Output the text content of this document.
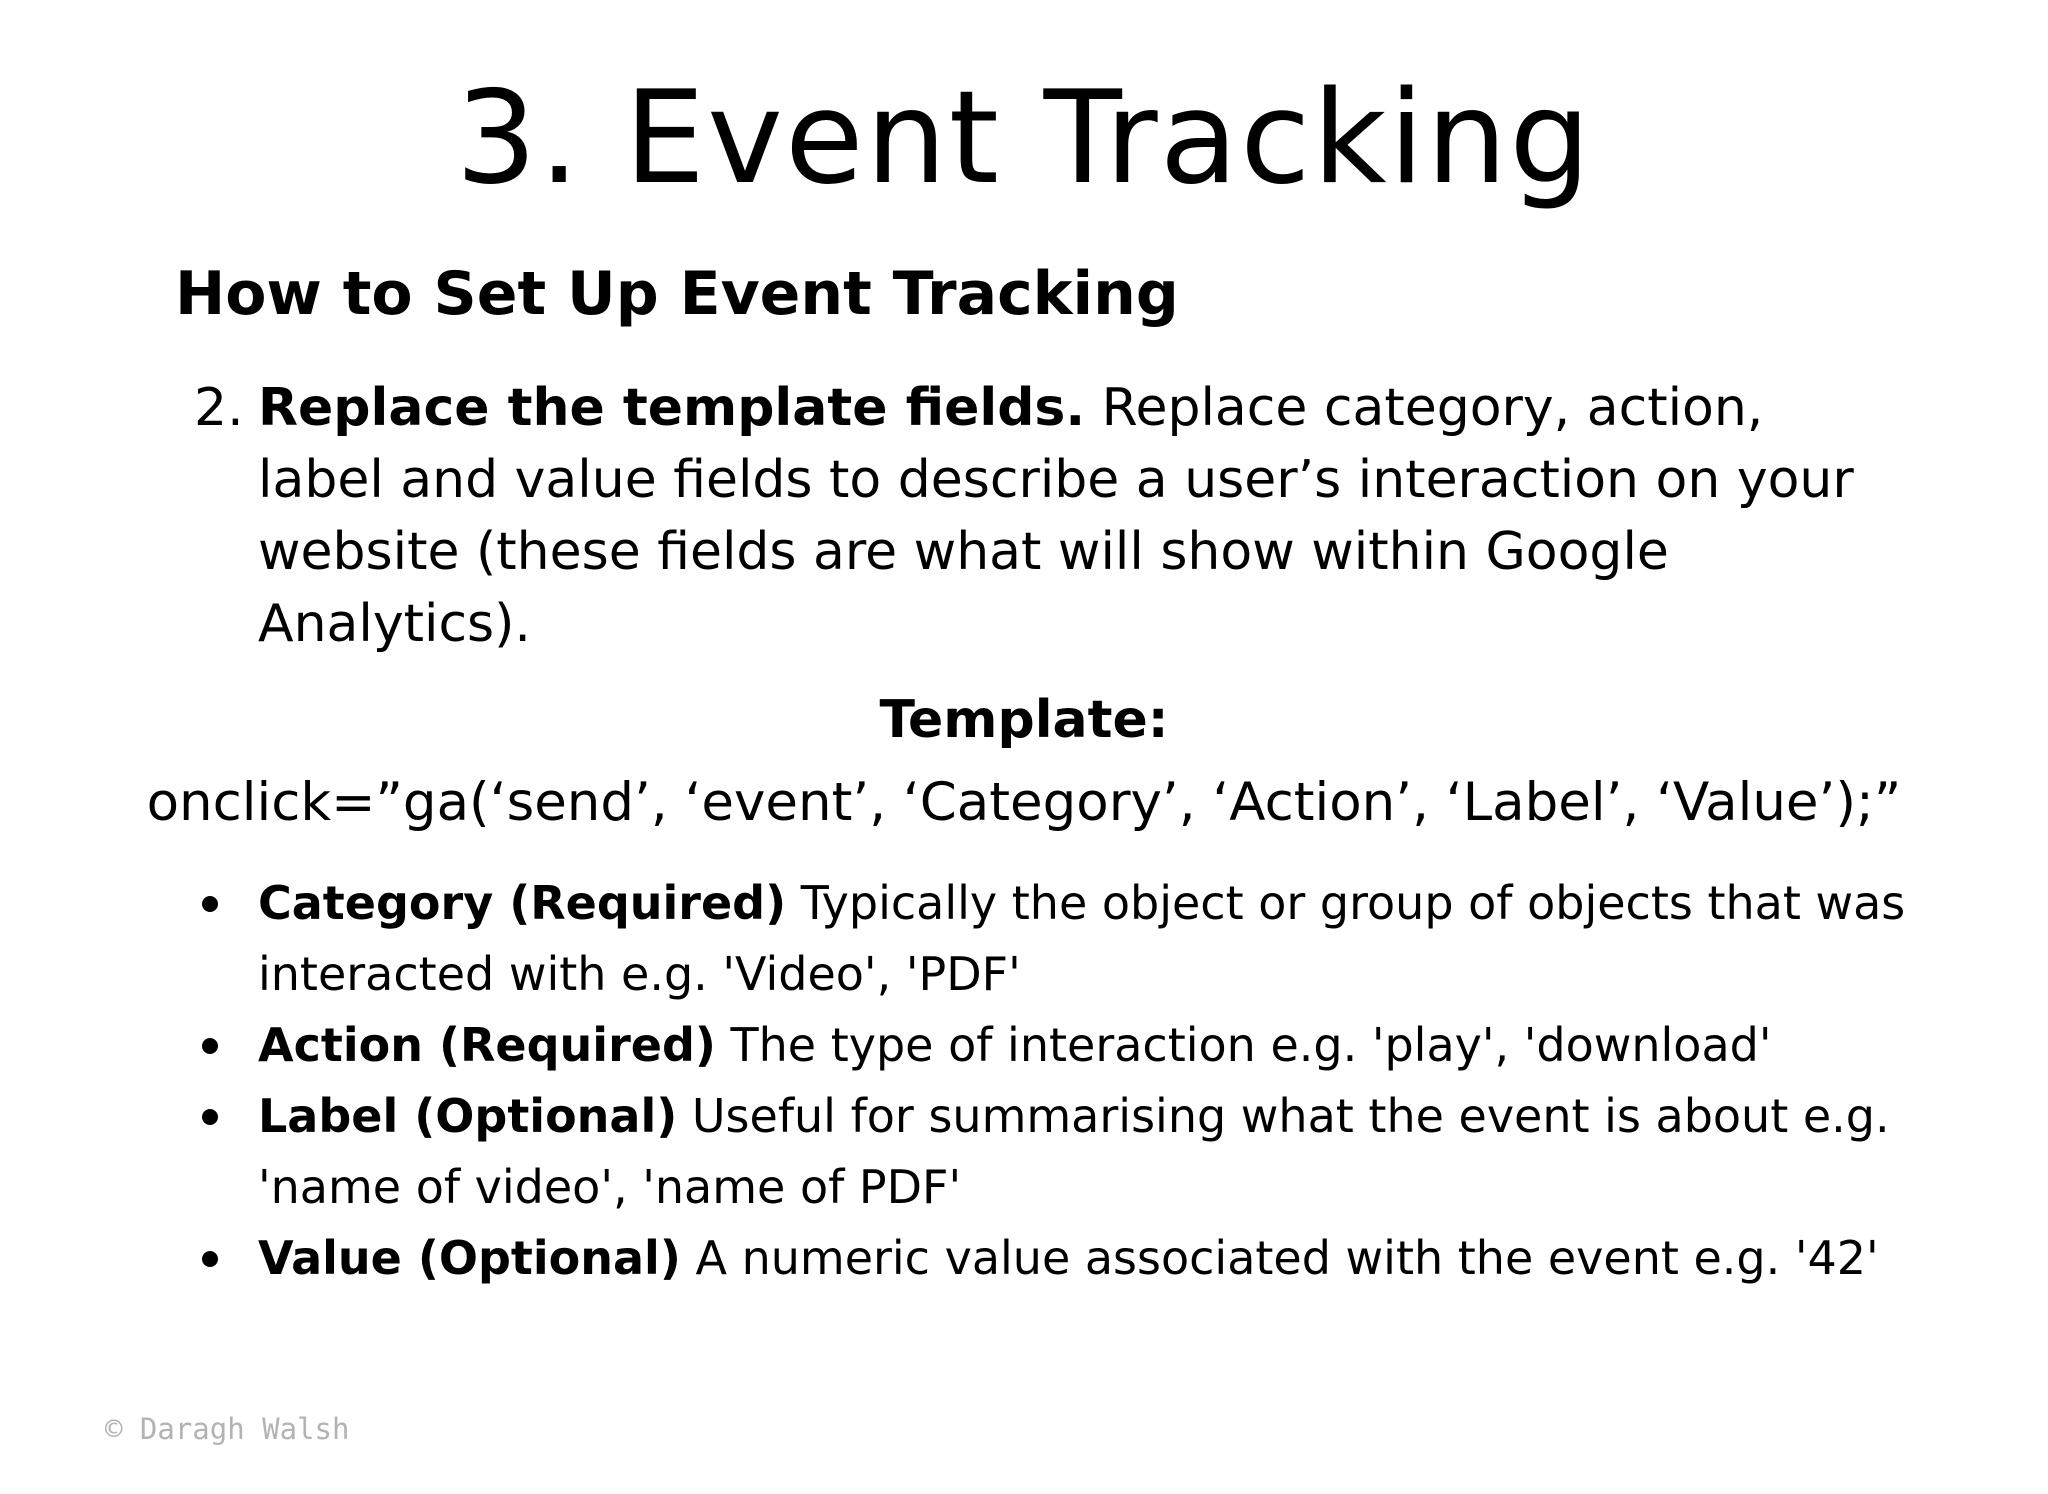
3. Event Tracking
How to Set Up Event Tracking
2. Replace the template fields. Replace category, action, label and value fields to describe a user’s interaction on your website (these fields are what will show within Google Analytics).
Template:
onclick=”ga(‘send’, ‘event’, ‘Category’, ‘Action’, ‘Label’, ‘Value’);”
Category (Required) Typically the object or group of objects that was interacted with e.g. 'Video', 'PDF'
Action (Required) The type of interaction e.g. 'play', 'download'
Label (Optional) Useful for summarising what the event is about e.g. 'name of video', 'name of PDF'
Value (Optional) A numeric value associated with the event e.g. '42'
© Daragh Walsh
